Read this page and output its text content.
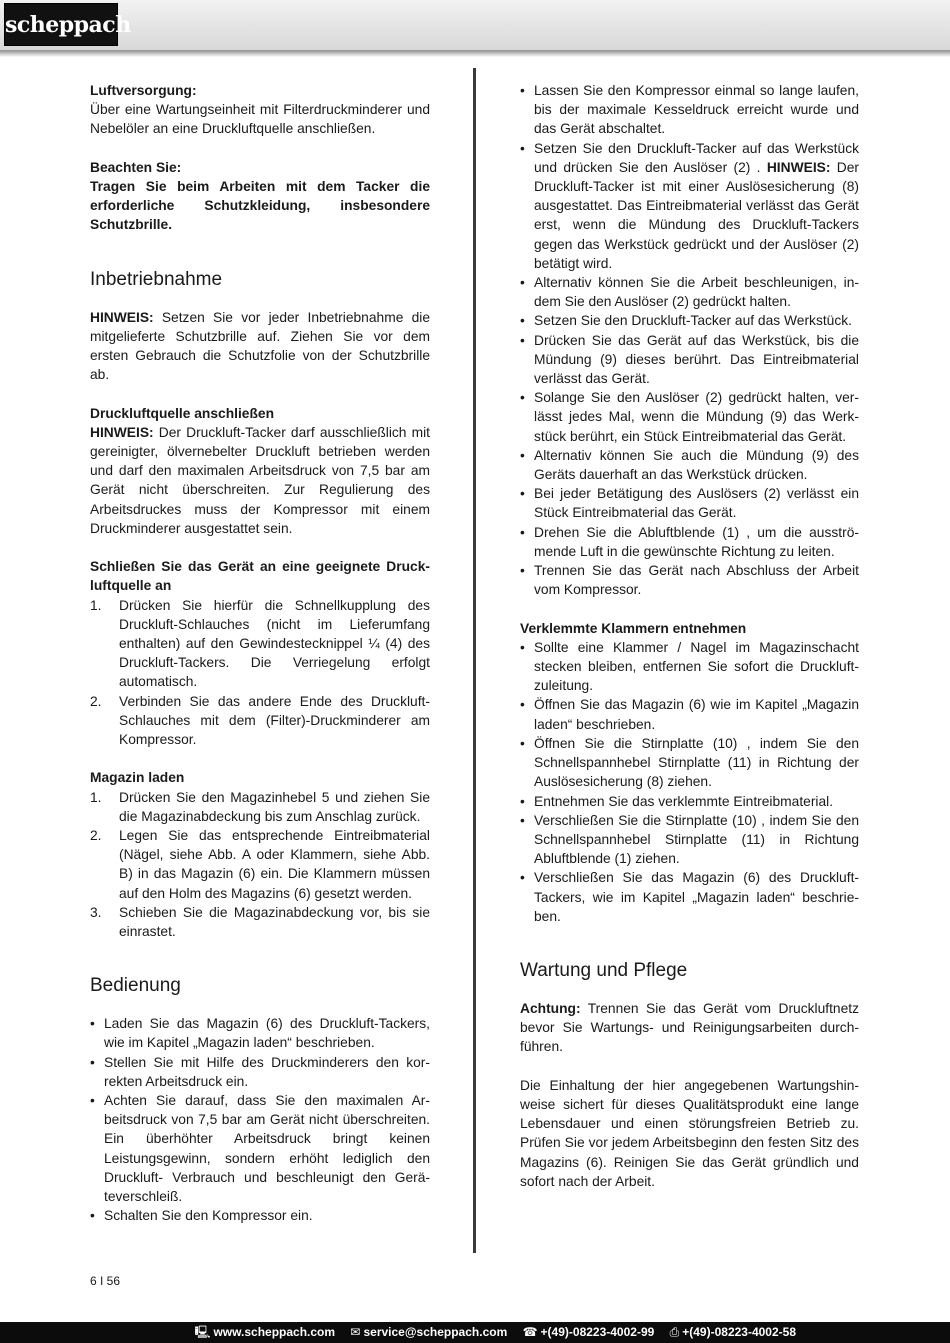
scheppach

Luftversorgung:

Über eine Wartungseinheit mit Filterdruckminderer und Nebelöler an eine Druckluftquelle anschließen.

Beachten Sie:

Tragen Sie beim Arbeiten mit dem Tacker die erforderliche Schutzkleidung, insbesondere Schutzbrille.

Inbetriebnahme

HINWEIS: Setzen Sie vor jeder Inbetriebnahme die mitgelieferte Schutzbrille auf. Ziehen Sie vor dem ersten Gebrauch die Schutzfolie von der Schutzbrille ab.

Druckluftquelle anschließen

HINWEIS: Der Druckluft-Tacker darf ausschließlich mit gereinigter, ölvernebelter Druckluft betrieben werden und darf den maximalen Arbeitsdruck von 7,5 bar am Gerät nicht überschreiten. Zur Regulierung des Arbeitsdruckes muss der Kompressor mit einem Druckminderer ausgestattet sein.

Schließen Sie das Gerät an eine geeignete Druckluftquelle an

1. Drücken Sie hierfür die Schnellkupplung des Druckluft-Schlauches (nicht im Lieferumfang enthalten) auf den Gewindestecknippel ¼ (4) des Druckluft-Tackers. Die Verriegelung erfolgt automatisch.
2. Verbinden Sie das andere Ende des DruckluftSchlauches mit dem (Filter)-Druckminderer am Kompressor.

Magazin laden

1. Drücken Sie den Magazinhebel 5 und ziehen Sie die Magazinabdeckung bis zum Anschlag zurück.
2. Legen Sie das entsprechende Eintreibmaterial (Nägel, siehe Abb. A oder Klammern, siehe Abb. B) in das Magazin (6) ein. Die Klammern müssen auf den Holm des Magazins (6) gesetzt werden.
3. Schieben Sie die Magazinabdeckung vor, bis sie einrastet.
Bedienung
• Laden Sie das Magazin (6) des Druckluft-Tackers, wie im Kapitel „Magazin laden“ beschrieben.
• Stellen Sie mit Hilfe des Druckminderers den korrekten Arbeitsdruck ein.
• Achten Sie darauf, dass Sie den maximalen Arbeitsdruck von 7,5 bar am Gerät nicht überschreiten. Ein überhöhter Arbeitsdruck bringt keinen Leistungsgewinn, sondern erhöht lediglich den Druckluft- Verbrauch und beschleunigt den Geräteverschleiß.
• Schalten Sie den Kompressor ein.
• Lassen Sie den Kompressor einmal so lange laufen, bis der maximale Kesseldruck erreicht wurde und das Gerät abschaltet.
• Setzen Sie den Druckluft-Tacker auf das Werkstück und drücken Sie den Auslöser (2) . HINWEIS: Der Druckluft-Tacker ist mit einer Auslösesicherung (8) ausgestattet. Das Eintreibmaterial verlässt das Gerät erst, wenn die Mündung des Druckluft-Tackers gegen das Werkstück gedrückt und der Auslöser (2) betätigt wird.
• Alternativ können Sie die Arbeit beschleunigen, indem Sie den Auslöser (2) gedrückt halten.
• Setzen Sie den Druckluft-Tacker auf das Werkstück.
• Drücken Sie das Gerät auf das Werkstück, bis die Mündung (9) dieses berührt. Das Eintreibmaterial verlässt das Gerät.
• Solange Sie den Auslöser (2) gedrückt halten, verlässt jedes Mal, wenn die Mündung (9) das Werkstück berührt, ein Stück Eintreibmaterial das Gerät.
• Alternativ können Sie auch die Mündung (9) des Geräts dauerhaft an das Werkstück drücken.
• Bei jeder Betätigung des Auslösers (2) verlässt ein Stück Eintreibmaterial das Gerät.
• Drehen Sie die Abluftblende (1) , um die ausströmende Luft in die gewünschte Richtung zu leiten.
• Trennen Sie das Gerät nach Abschluss der Arbeit vom Kompressor.

Verklemmte Klammern entnehmen

• Sollte eine Klammer / Nagel im Magazinschacht stecken bleiben, entfernen Sie sofort die Druckluftzuleitung.
• Öffnen Sie das Magazin (6) wie im Kapitel „Magazin laden“ beschrieben.
• Öffnen Sie die Stirnplatte (10) , indem Sie den Schnellspannhebel Stirnplatte (11) in Richtung der Auslösesicherung (8) ziehen.
• Entnehmen Sie das verklemmte Eintreibmaterial.
• Verschließen Sie die Stirnplatte (10) , indem Sie den Schnellspannhebel Stirnplatte (11) in Richtung Abluftblende (1) ziehen.
• Verschließen Sie das Magazin (6) des Druckluft-Tackers, wie im Kapitel „Magazin laden“ beschrieben.
Wartung und Pflege

Achtung: Trennen Sie das Gerät vom Druckluftnetz bevor Sie Wartungs- und Reinigungsarbeiten durchführen.

Die Einhaltung der hier angegebenen Wartungshinweise sichert für dieses Qualitätsprodukt eine lange Lebensdauer und einen störungsfreien Betrieb zu. Prüfen Sie vor jedem Arbeitsbeginn den festen Sitz des Magazins (6). Reinigen Sie das Gerät gründlich und sofort nach der Arbeit.

6 I 56
🖳 www.scheppach.com ✉ service@scheppach.com ☎ +(49)-08223-4002-99 ⎙ +(49)-08223-4002-58
